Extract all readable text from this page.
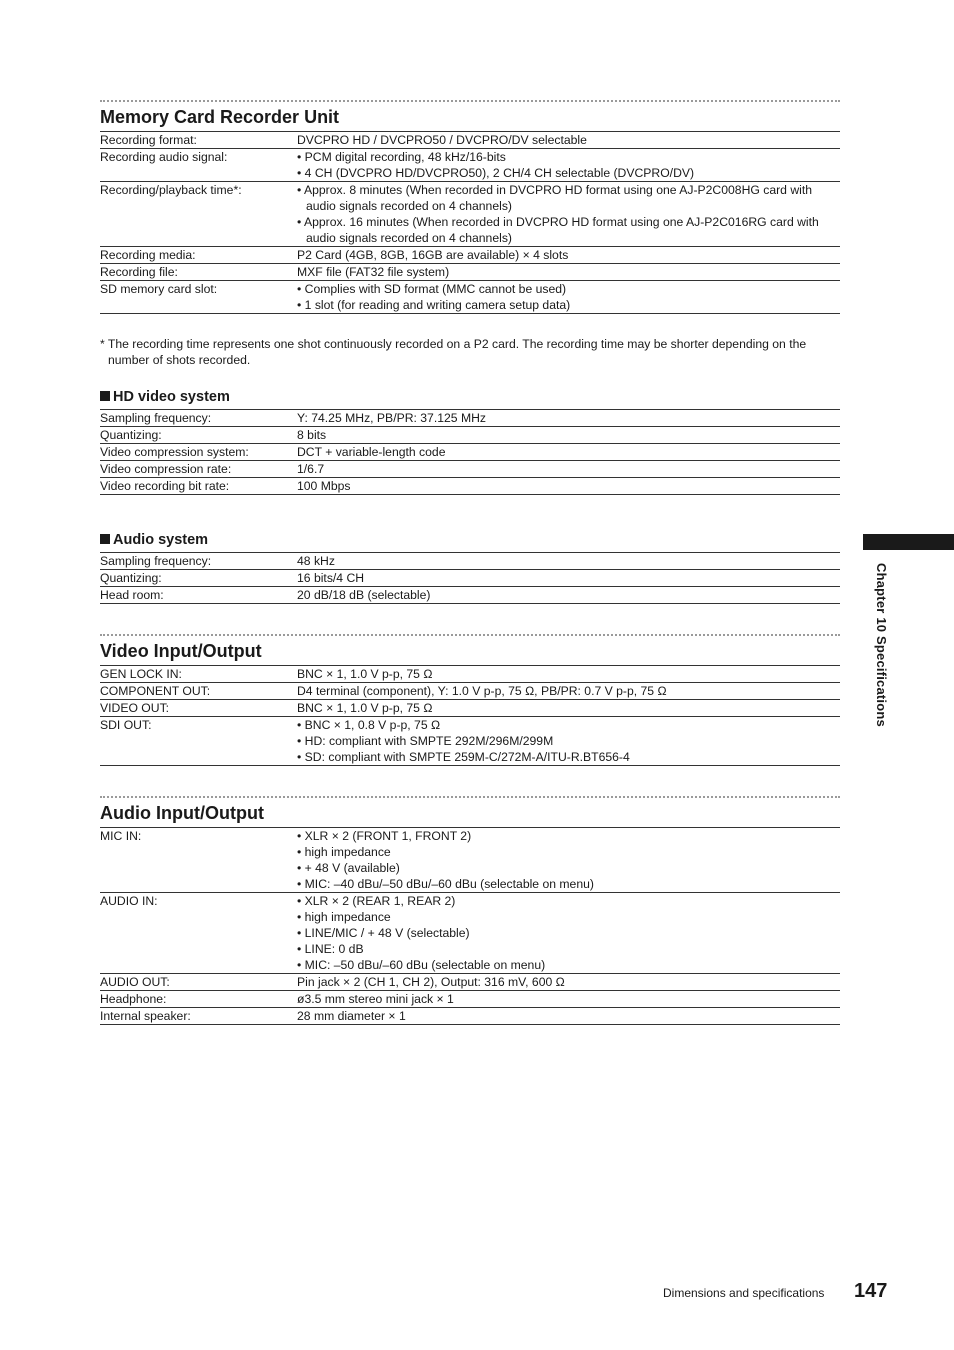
Memory Card Recorder Unit
Recording format:	DVCPRO HD / DVCPRO50 / DVCPRO/DV selectable

Recording audio signal:	• PCM digital recording, 48 kHz/16-bits
• 4 CH (DVCPRO HD/DVCPRO50), 2 CH/4 CH selectable (DVCPRO/DV)

Recording/playback time*:	• Approx. 8 minutes (When recorded in DVCPRO HD format using one AJ-P2C008HG card with audio signals recorded on 4 channels)
• Approx. 16 minutes (When recorded in DVCPRO HD format using one AJ-P2C016RG card with audio signals recorded on 4 channels)

Recording media:	P2 Card (4GB, 8GB, 16GB are available) × 4 slots

Recording file:	MXF file (FAT32 file system)

SD memory card slot:	• Complies with SD format (MMC cannot be used)
• 1 slot (for reading and writing camera setup data)
* The recording time represents one shot continuously recorded on a P2 card. The recording time may be shorter depending on the number of shots recorded.
HD video system
Sampling frequency:	Y: 74.25 MHz, PB/PR: 37.125 MHz

Quantizing:	8 bits

Video compression system:	DCT + variable-length code

Video compression rate:	1/6.7

Video recording bit rate:	100 Mbps
Audio system
Sampling frequency:	48 kHz

Quantizing:	16 bits/4 CH

Head room:	20 dB/18 dB (selectable)
Video Input/Output
GEN LOCK IN:	BNC × 1, 1.0 V p-p, 75 Ω

COMPONENT OUT:	D4 terminal (component), Y: 1.0 V p-p, 75 Ω, PB/PR: 0.7 V p-p, 75 Ω

VIDEO OUT:	BNC × 1, 1.0 V p-p, 75 Ω

SDI OUT:	• BNC × 1, 0.8 V p-p, 75 Ω
• HD: compliant with SMPTE 292M/296M/299M
• SD: compliant with SMPTE 259M-C/272M-A/ITU-R.BT656-4
Audio Input/Output
MIC IN:	• XLR × 2 (FRONT 1, FRONT 2)
• high impedance
• + 48 V (available)
• MIC: –40 dBu/–50 dBu/–60 dBu (selectable on menu)

AUDIO IN:	• XLR × 2 (REAR 1, REAR 2)
• high impedance
• LINE/MIC / + 48 V (selectable)
• LINE: 0 dB
• MIC: –50 dBu/–60 dBu (selectable on menu)

AUDIO OUT:	Pin jack × 2 (CH 1, CH 2), Output: 316 mV, 600 Ω

Headphone:	ø3.5 mm stereo mini jack × 1

Internal speaker:	28 mm diameter × 1
Chapter 10 Specifications
Dimensions and specifications 147
